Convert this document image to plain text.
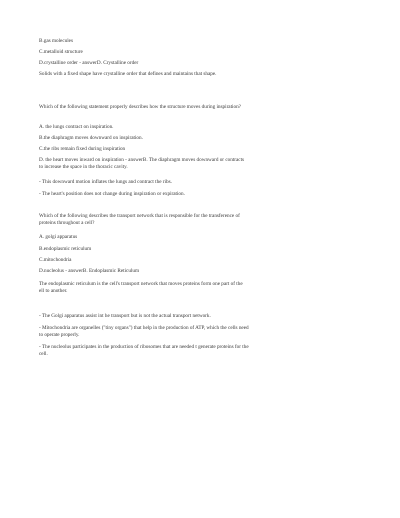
B.gas molecules
C.metalloid structure
D.crystalline order - answerD. Crystalline order
Solids with a fixed shape have crystalline order that defines and maintains that shape.
Which of the following statement properly describes how the structure moves during inspiration?
A. the lungs contract on inspiration.
B.the diaphragm moves downward on inspiration.
C.the ribs remain fixed during inspiration
D. the heart moves inward on inspiration - answerB. The diaphragm moves downward or contracts to increase the space in the thoracic cavity.
- This downward motion inflates the lungs and contract the ribs.
- The heart's position does not change during inspiration or expiration.
Which of the following describes the transport network that is responsible for the transference of proteins throughout a cell?
A. golgi apparatus
B.endoplasmic reticulum
C.mitochondria
D.nucleolus - answerB. Endoplasmic Reticulum
The endoplasmic reticulum is the cell's transport network that moves proteins form one part of the ell to another.
- The Golgi apparatus assist int he transport but is not the actual transport network.
- Mitochondria are organelles ("tiny organs") that help in the production of ATP, which the cells need to operate properly.
- The nucleolus participates in the production of ribosomes that are needed t generate proteins for the cell.
